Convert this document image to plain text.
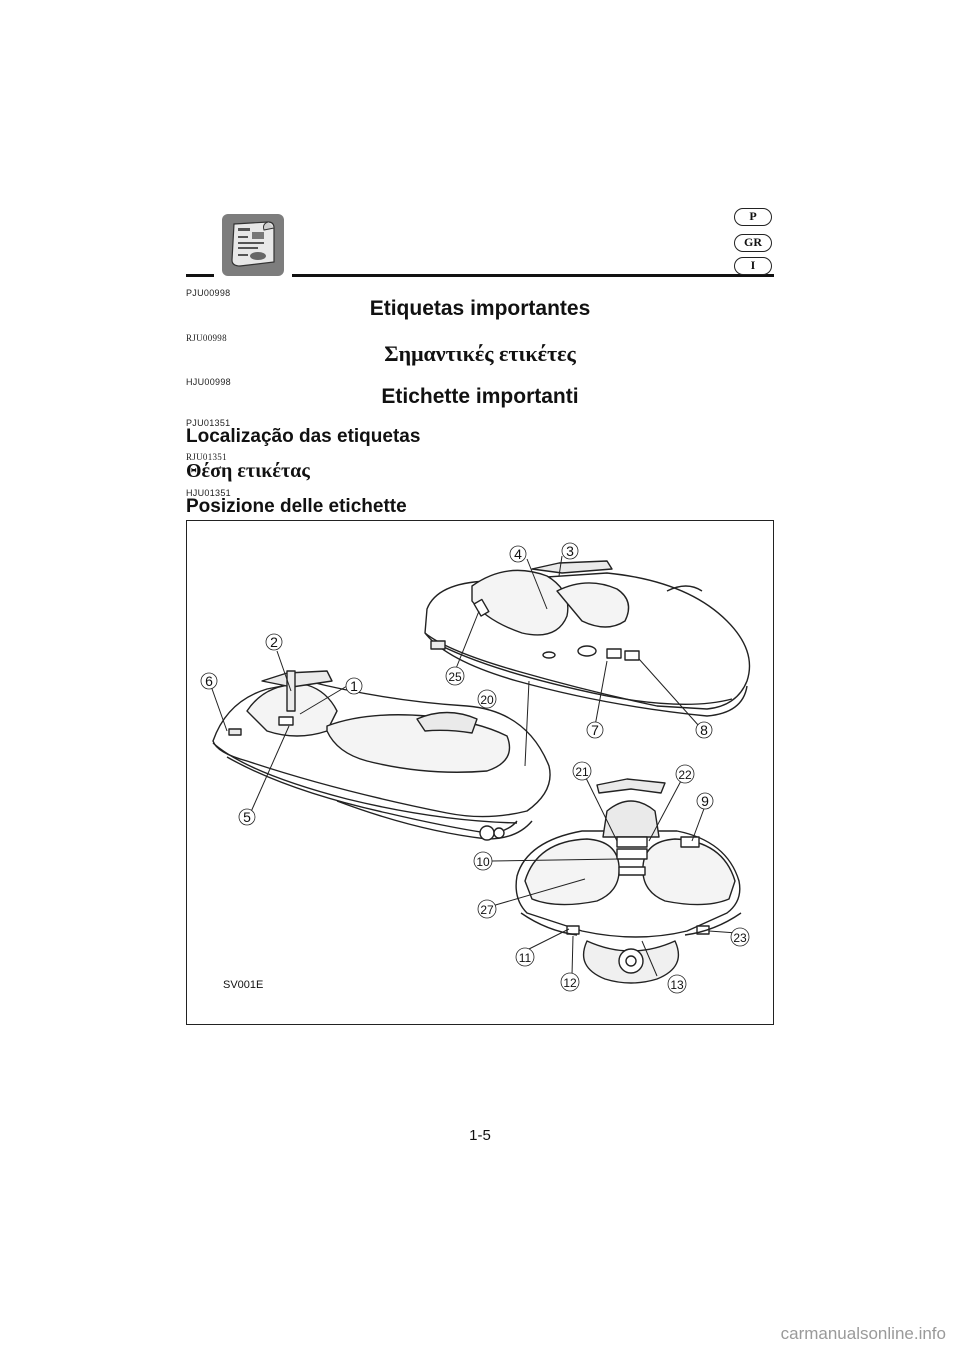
P
GR
I
PJU00998
Etiquetas importantes
RJU00998
Σημαντικές ετικέτες
HJU00998
Etichette importanti
PJU01351
Localização das etiquetas
RJU01351
Θέση ετικέτας
HJU01351
Posizione delle etichette
1
2
3
4
5
6
7	8
9
10
11
12	13
20
21	22
23
25
27
SV001E
1-5
carmanualsonline.info
